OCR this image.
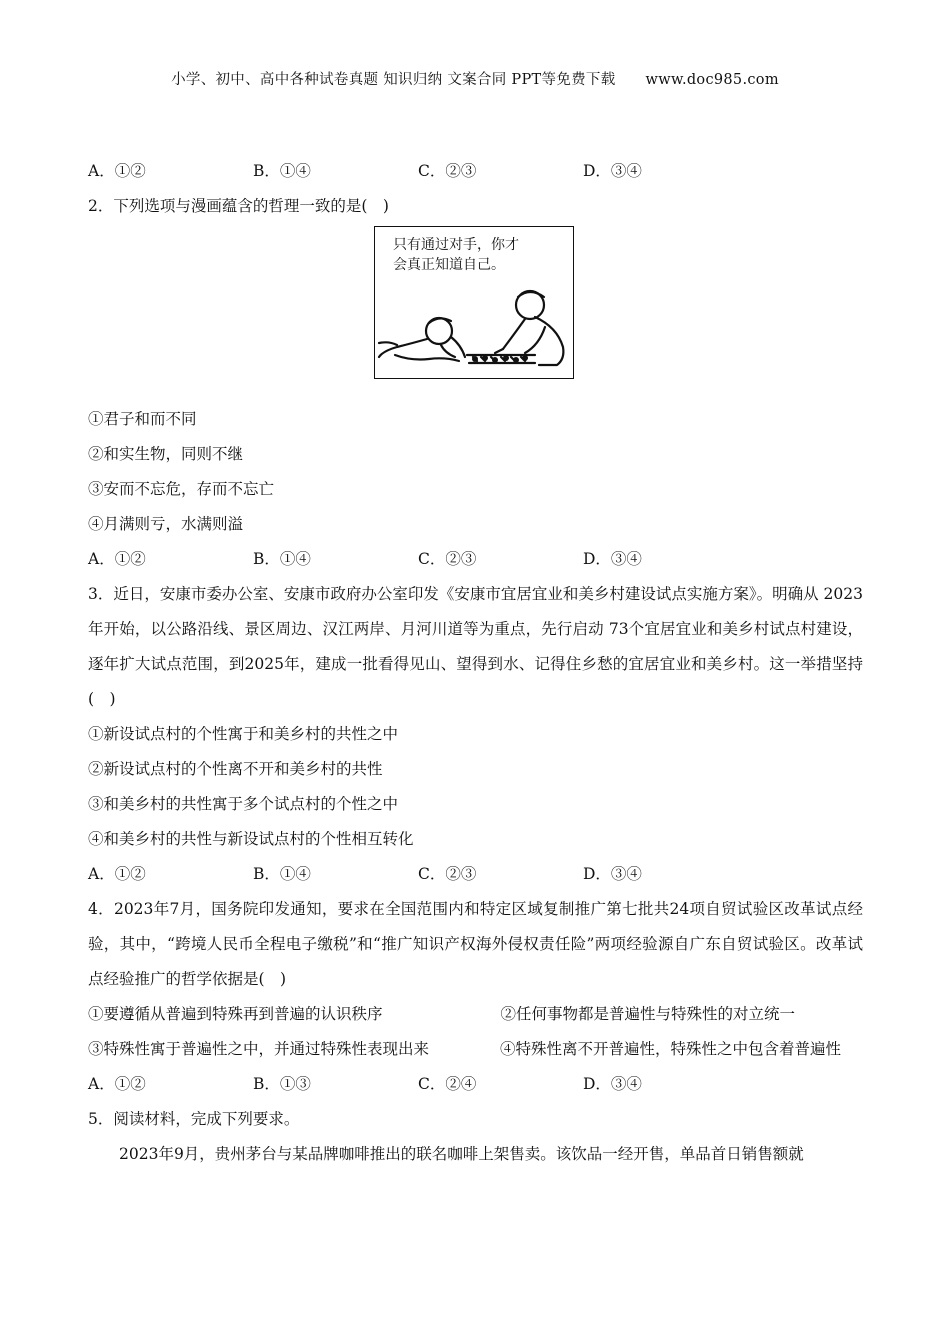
小学、初中、高中各种试卷真题 知识归纳 文案合同 PPT等免费下载 www.doc985.com
A．①②	B．①④	C．②③	D．③④
2．下列选项与漫画蕴含的哲理一致的是(　)
只有通过对手，你才
会真正知道自己。
①君子和而不同
②和实生物，同则不继
③安而不忘危，存而不忘亡
④月满则亏，水满则溢
A．①②	B．①④	C．②③	D．③④
3．近日，安康市委办公室、安康市政府办公室印发《安康市宜居宜业和美乡村建设试点实施方案》。明确从 2023年开始，以公路沿线、景区周边、汉江两岸、月河川道等为重点，先行启动 73个宜居宜业和美乡村试点村建设，逐年扩大试点范围，到2025年，建成一批看得见山、望得到水、记得住乡愁的宜居宜业和美乡村。这一举措坚持(　)
①新设试点村的个性寓于和美乡村的共性之中
②新设试点村的个性离不开和美乡村的共性
③和美乡村的共性寓于多个试点村的个性之中
④和美乡村的共性与新设试点村的个性相互转化
A．①②	B．①④	C．②③	D．③④
4．2023年7月，国务院印发通知，要求在全国范围内和特定区域复制推广第七批共24项自贸试验区改革试点经验，其中，“跨境人民币全程电子缴税”和“推广知识产权海外侵权责任险”两项经验源自广东自贸试验区。改革试点经验推广的哲学依据是(　)
①要遵循从普遍到特殊再到普遍的认识秩序	②任何事物都是普遍性与特殊性的对立统一
③特殊性寓于普遍性之中，并通过特殊性表现出来	④特殊性离不开普遍性，特殊性之中包含着普遍性
A．①②	B．①③	C．②④	D．③④
5．阅读材料，完成下列要求。
2023年9月，贵州茅台与某品牌咖啡推出的联名咖啡上架售卖。该饮品一经开售，单品首日销售额就
